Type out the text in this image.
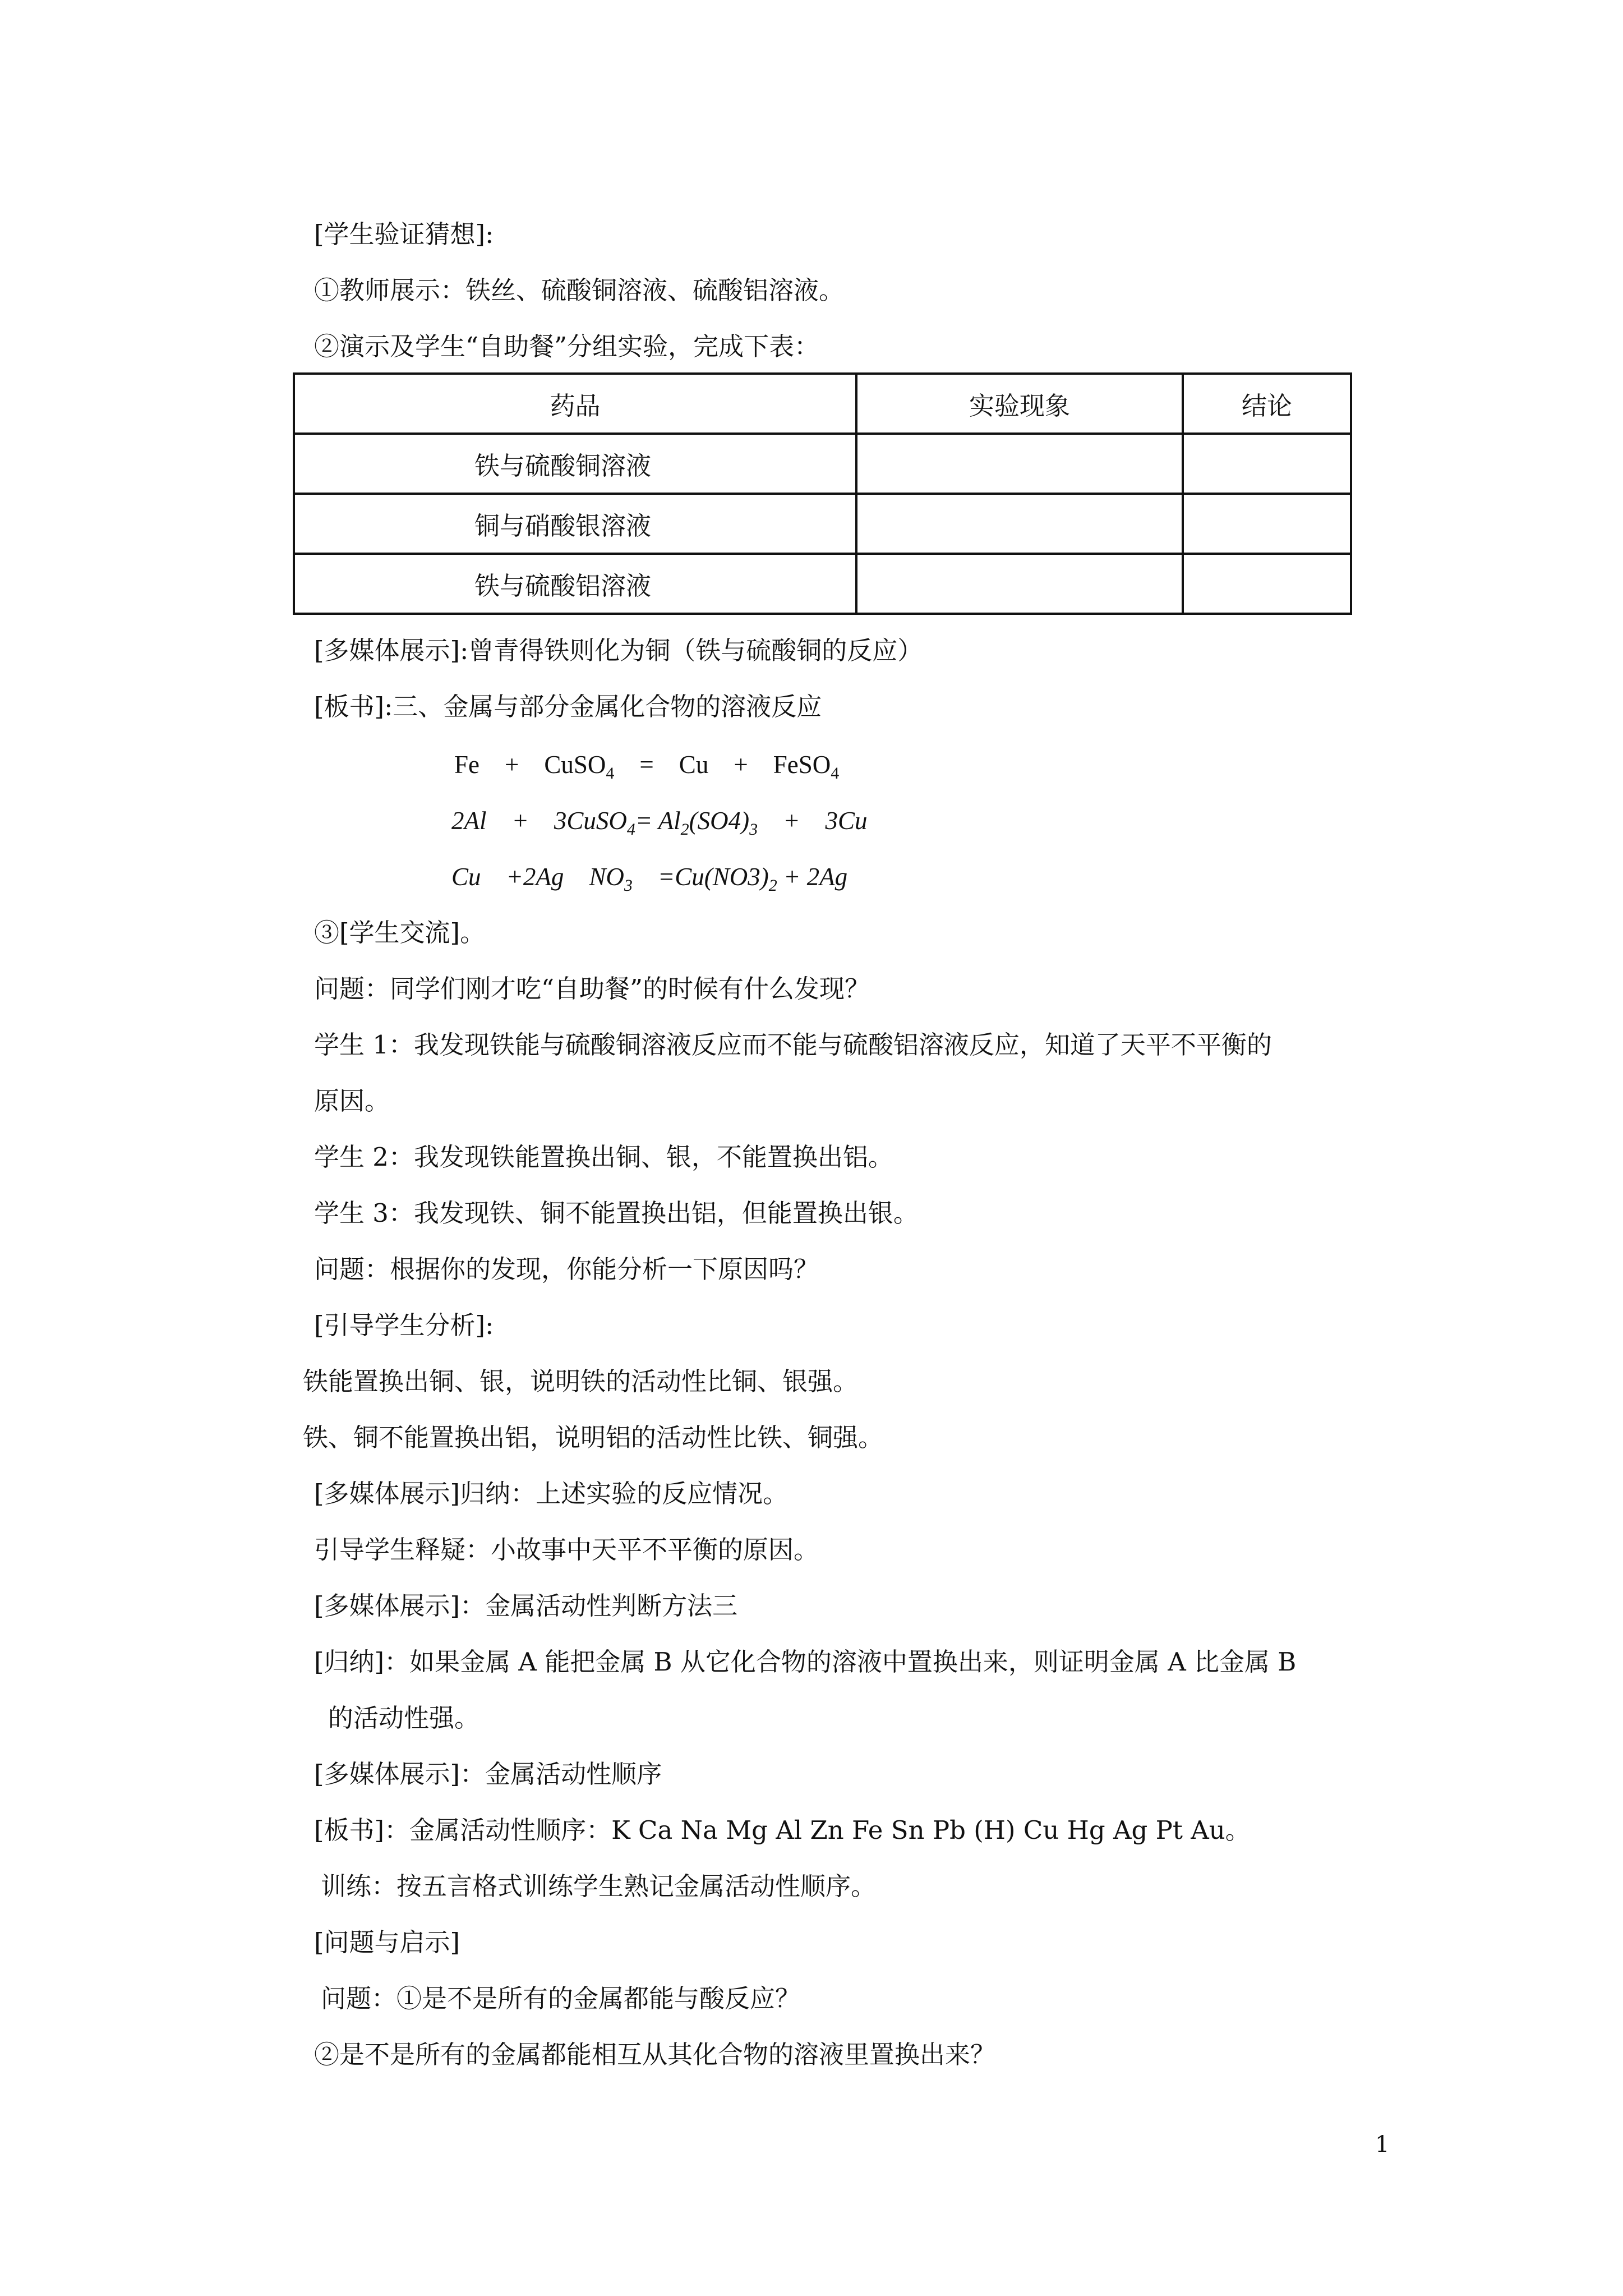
[学生验证猜想]:
①教师展示：铁丝、硫酸铜溶液、硫酸铝溶液。
②演示及学生“自助餐”分组实验，完成下表：
药品	实验现象	结论
铁与硫酸铜溶液		
铜与硝酸银溶液		
铁与硫酸铝溶液		
[多媒体展示]:曾青得铁则化为铜（铁与硫酸铜的反应）
[板书]:三、金属与部分金属化合物的溶液反应
Fe　+　CuSO$_4$　=　Cu　+　FeSO$_4$
2Al　+　3CuSO$_4$= $Al_2(SO4)_3$　+　3Cu
Cu　+2Ag　$NO_3$　$=Cu(NO3)_2 + 2Ag$
③[学生交流]。
问题：同学们刚才吃“自助餐”的时候有什么发现？
学生 1：我发现铁能与硫酸铜溶液反应而不能与硫酸铝溶液反应，知道了天平不平衡的
原因。
学生 2：我发现铁能置换出铜、银，不能置换出铝。
学生 3：我发现铁、铜不能置换出铝，但能置换出银。
问题：根据你的发现，你能分析一下原因吗？
[引导学生分析]:
铁能置换出铜、银，说明铁的活动性比铜、银强。
铁、铜不能置换出铝，说明铝的活动性比铁、铜强。
[多媒体展示]归纳：上述实验的反应情况。
引导学生释疑：小故事中天平不平衡的原因。
[多媒体展示]：金属活动性判断方法三
[归纳]：如果金属 A 能把金属 B 从它化合物的溶液中置换出来，则证明金属 A 比金属 B
的活动性强。
[多媒体展示]：金属活动性顺序
[板书]：金属活动性顺序：K Ca Na Mg Al Zn Fe Sn Pb (H) Cu Hg Ag Pt Au。
训练：按五言格式训练学生熟记金属活动性顺序。
[问题与启示]
问题：①是不是所有的金属都能与酸反应？
②是不是所有的金属都能相互从其化合物的溶液里置换出来？
1
